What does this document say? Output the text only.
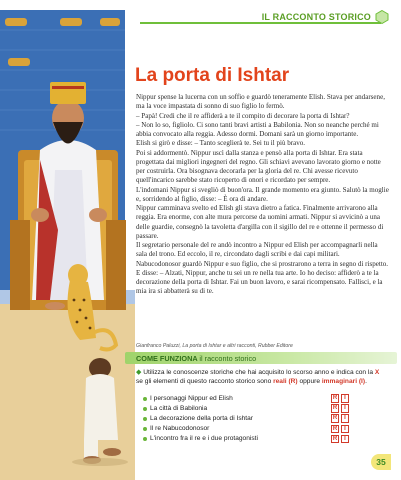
IL RACCONTO STORICO
La porta di Ishtar

Nippur spense la lucerna con un soffio e guardò teneramente Elish. Stava per andarsene, ma la voce impastata di sonno di suo figlio lo fermò.

– Papà! Credi che il re affiderà a te il compito di decorare la porta di Ishtar?

– Non lo so, figliolo. Ci sono tanti bravi artisti a Babilonia. Non so neanche perché mi abbia convocato alla reggia. Adesso dormi. Domani sarà un giorno importante.

Elish si girò e disse: – Tanto sceglierà te. Sei tu il più bravo.

Poi si addormentò. Nippur uscì dalla stanza e pensò alla porta di Ishtar. Era stata progettata dai migliori ingegneri del regno. Gli schiavi avevano lavorato giorno e notte per costruirla. Ora bisognava decorarla per la gloria del re. Chi avesse ricevuto quell'incarico sarebbe stato ricoperto di onori e ricordato per sempre.

L'indomani Nippur si svegliò di buon'ora. Il grande momento era giunto. Salutò la moglie e, sorridendo al figlio, disse: – È ora di andare.

Nippur camminava svelto ed Elish gli stava dietro a fatica. Finalmente arrivarono alla reggia. Era enorme, con alte mura percorse da uomini armati. Nippur si avvicinò a una delle guardie, consegnò la tavoletta d'argilla con il sigillo del re e ottenne il permesso di passare.

Il segretario personale del re andò incontro a Nippur ed Elish per accompagnarli nella sala del trono. Ed eccolo, il re, circondato dagli scribi e dai capi militari.

Nabucodonosor guardò Nippur e suo figlio, che si prostrarono a terra in segno di rispetto. E disse: – Alzati, Nippur, anche tu sei un re nella tua arte. Io ho deciso: affiderò a te la decorazione della porta di Ishtar. Fai un buon lavoro, e sarai ricompensato. Fallisci, e la mia ira si abbatterà su di te.

Gianfranco Paluzzi, La porta di Ishtar e altri racconti, Rubber Editore
COME FUNZIONA il racconto storico
◆ Utilizza le conoscenze storiche che hai acquisito lo scorso anno e indica con la X se gli elementi di questo racconto storico sono reali (R) oppure immaginari (I).
I personaggi Nippur ed Elish	R	I
La città di Babilonia	R	I
La decorazione della porta di Ishtar	R	I
Il re Nabucodonosor	R	I
L'incontro fra il re e i due protagonisti	R	I
35
